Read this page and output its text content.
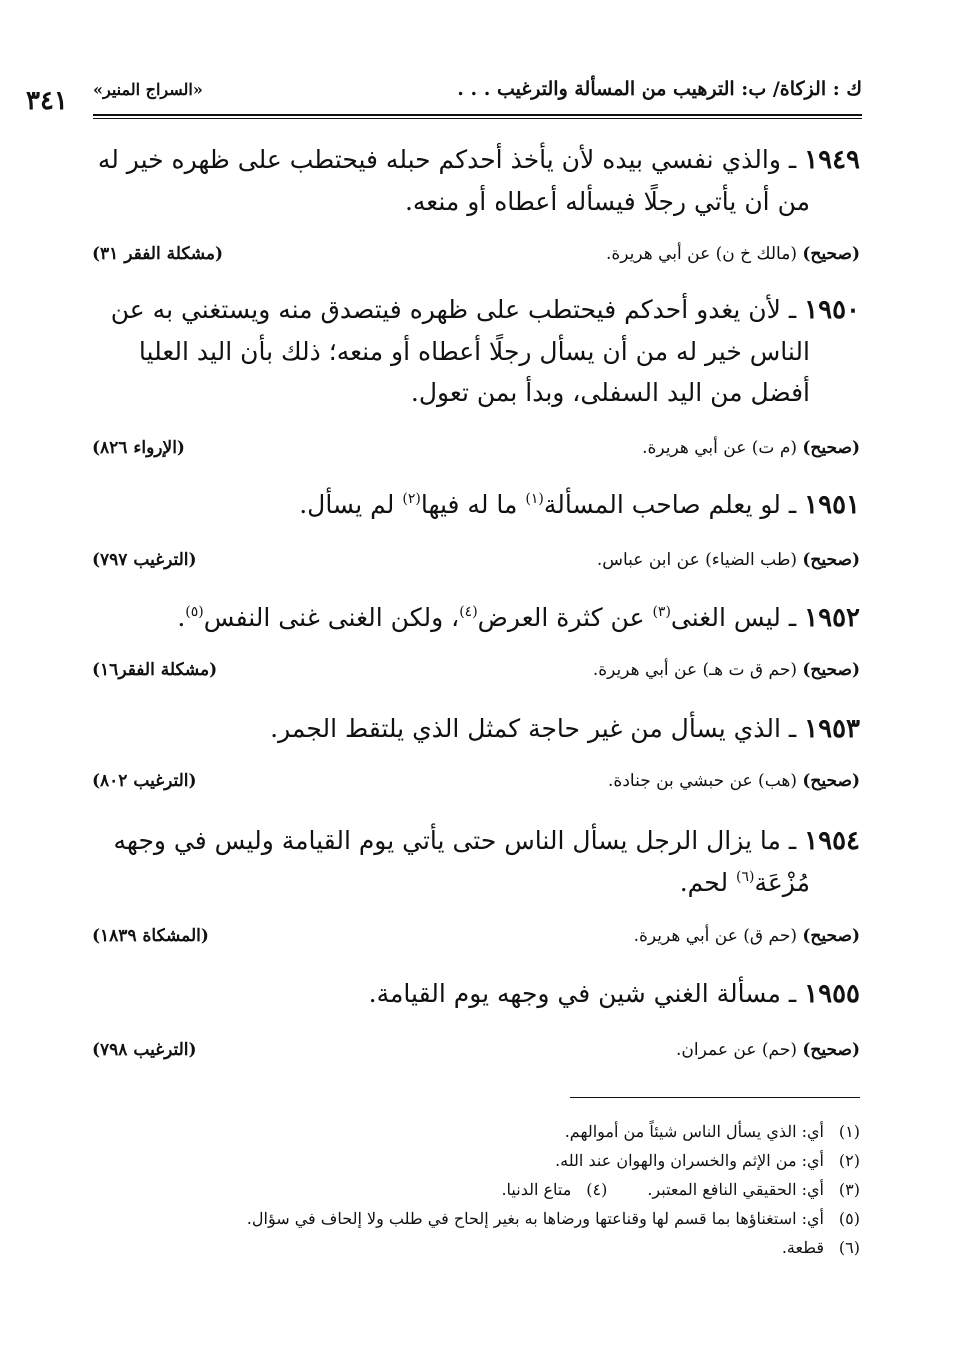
ك : الزكاة/ ب: الترهيب من المسألة والترغيب . . .
«السراج المنير»
٣٤١
١٩٤٩ ـ والذي نفسي بيده لأن يأخذ أحدكم حبله فيحتطب على ظهره خير له
من أن يأتي رجلًا فيسأله أعطاه أو منعه.
(صحيح) (مالك خ ن) عن أبي هريرة.
(مشكلة الفقر ٣١)
١٩٥٠ ـ لأن يغدو أحدكم فيحتطب على ظهره فيتصدق منه ويستغني به عن
الناس خير له من أن يسأل رجلًا أعطاه أو منعه؛ ذلك بأن اليد العليا
أفضل من اليد السفلى، وبدأ بمن تعول.
(صحيح) (م ت) عن أبي هريرة.
(الإرواء ٨٢٦)
١٩٥١ ـ لو يعلم صاحب المسألة$^{(١)}$ ما له فيها$^{(٢)}$ لم يسأل.
(صحيح) (طب الضياء) عن ابن عباس.
(الترغيب ٧٩٧)
١٩٥٢ ـ ليس الغنى$^{(٣)}$ عن كثرة العرض$^{(٤)}$، ولكن الغنى غنى النفس$^{(٥)}$.
(صحيح) (حم ق ت هـ) عن أبي هريرة.
(مشكلة الفقر١٦)
١٩٥٣ ـ الذي يسأل من غير حاجة كمثل الذي يلتقط الجمر.
(صحيح) (هب) عن حبشي بن جنادة.
(الترغيب ٨٠٢)
١٩٥٤ ـ ما يزال الرجل يسأل الناس حتى يأتي يوم القيامة وليس في وجهه
مُزْعَة$^{(٦)}$ لحم.
(صحيح) (حم ق) عن أبي هريرة.
(المشكاة ١٨٣٩)
١٩٥٥ ـ مسألة الغني شين في وجهه يوم القيامة.
(صحيح) (حم) عن عمران.
(الترغيب ٧٩٨)
(١)أي: الذي يسأل الناس شيئاً من أموالهم.
(٢)أي: من الإثم والخسران والهوان عند الله.
(٣)أي: الحقيقي النافع المعتبر.(٤)متاع الدنيا.
(٥)أي: استغناؤها بما قسم لها وقناعتها ورضاها به بغير إلحاح في طلب ولا إلحاف في سؤال.
(٦)قطعة.
